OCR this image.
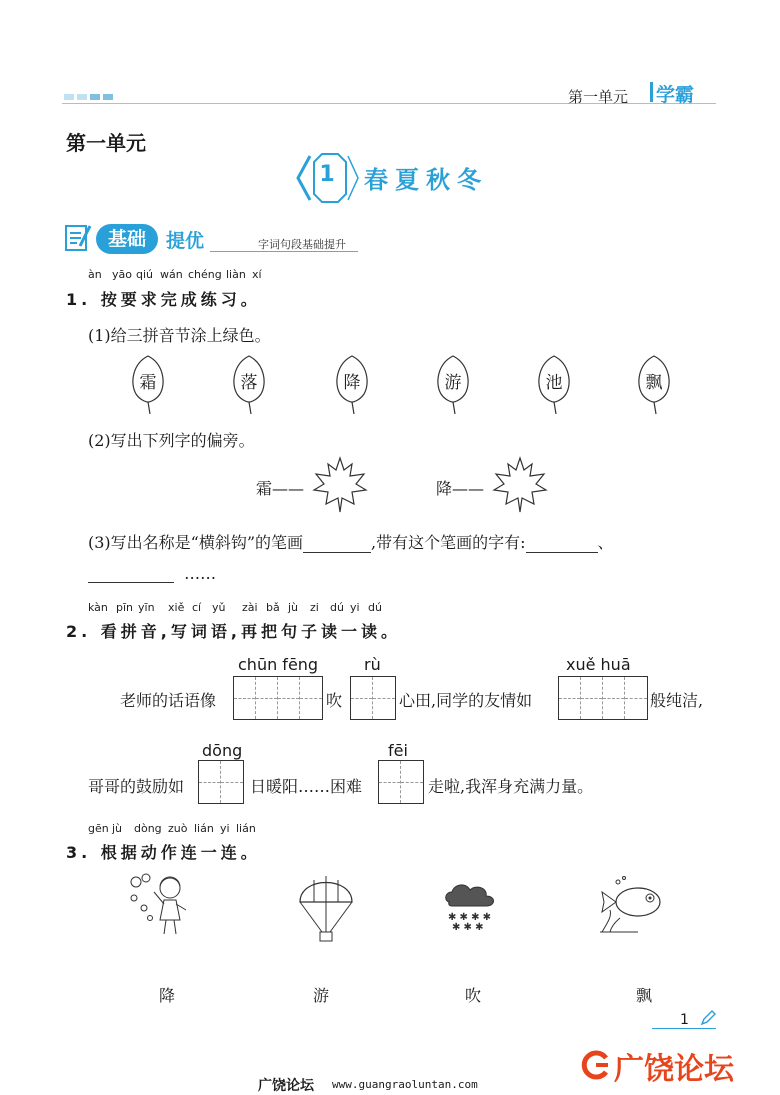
第一单元 学霸
第一单元
1 春夏秋冬
基础	提优	字词句段基础提升
àn yāo qiú wán chéng liàn xí
1. 按要求完成练习。
(1)给三拼音节涂上绿色。
霜	落	降	游	池	飘
(2)写出下列字的偏旁。
霜——	降——
(3)写出名称是“横斜钩”的笔画	,带有这个笔画的字有:	、
……
kàn pīn yīn xiě cí yǔ zài bǎ jù zi dú yi dú
2. 看拼音,写词语,再把句子读一读。
chūn fēng	rù	xuě huā
老师的话语像	吹	心田,同学的友情如	般纯洁,
dōng	fēi
哥哥的鼓励如	日暖阳……困难	走啦,我浑身充满力量。
gēn jù dòng zuò lián yi lián
3. 根据动作连一连。
✱ ✱ ✱ ✱
✱ ✱ ✱
降	游	吹	飘
1
广饶论坛 www.guangraoluntan.com	广饶论坛
